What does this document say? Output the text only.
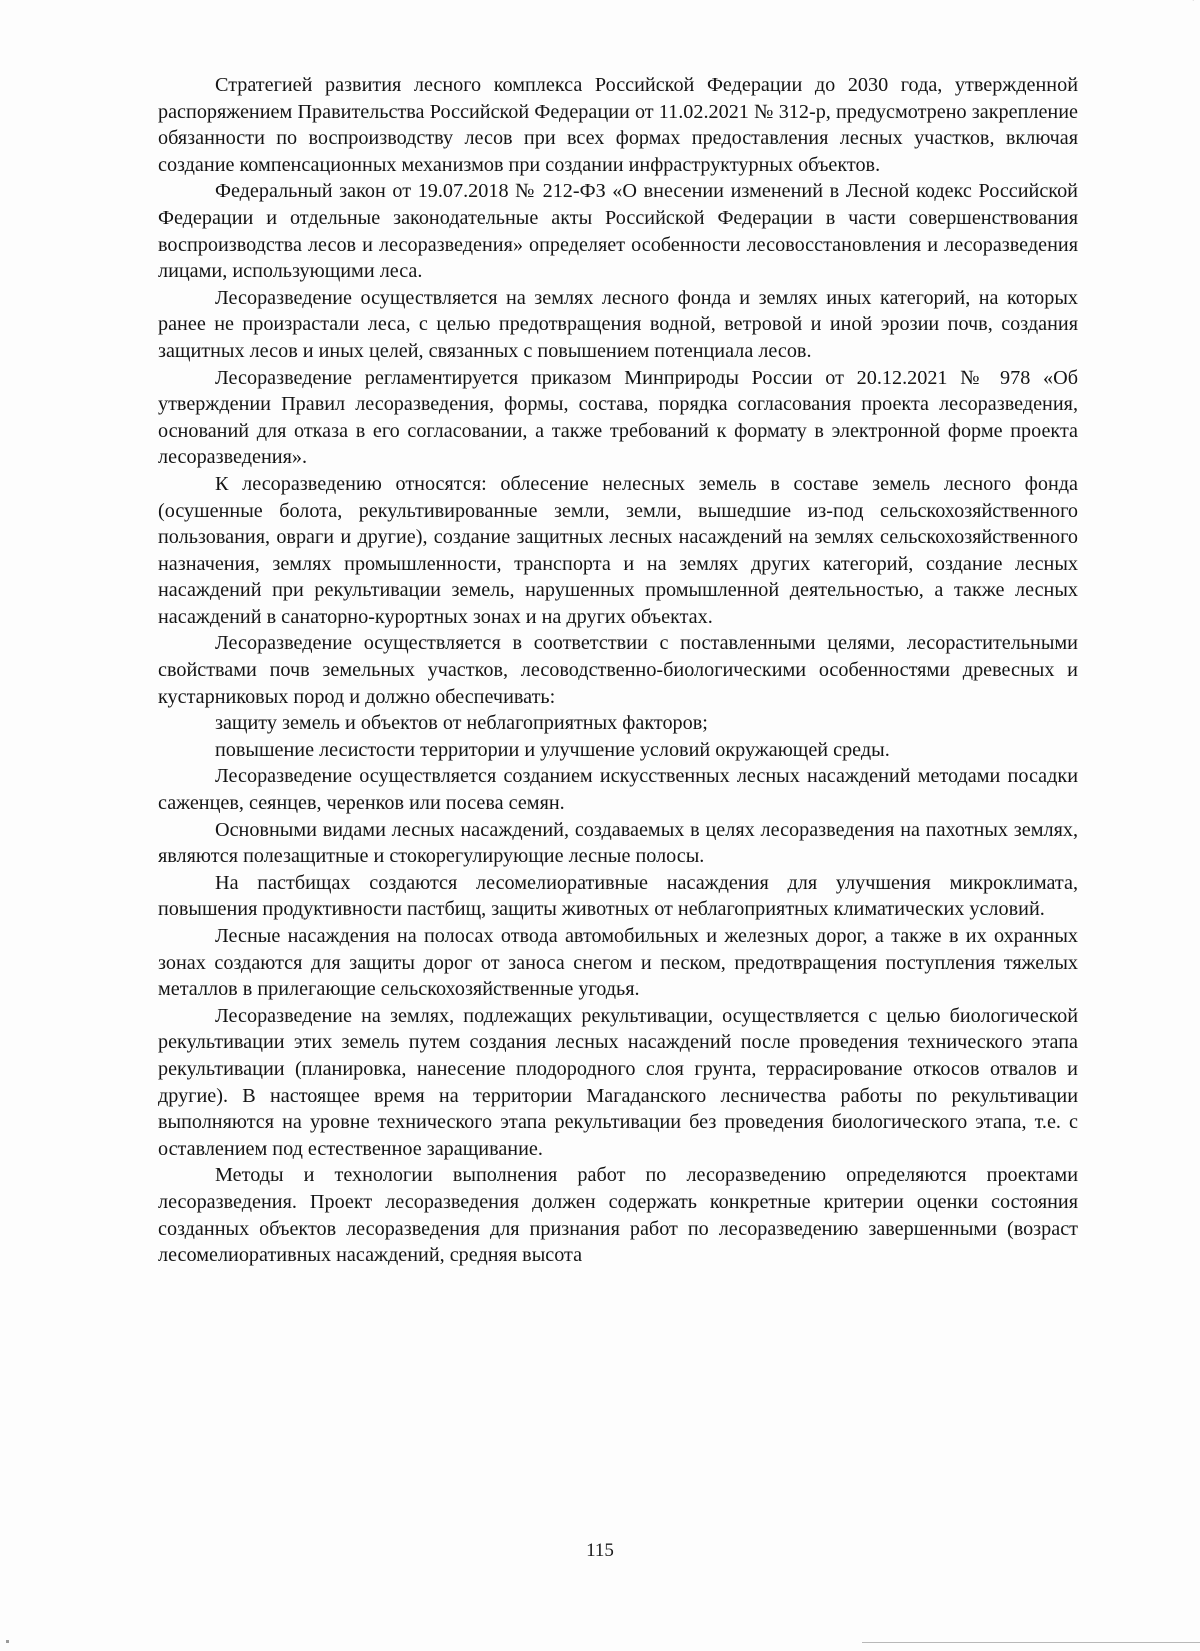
Стратегией развития лесного комплекса Российской Федерации до 2030 года, утвержденной распоряжением Правительства Российской Федерации от 11.02.2021 № 312-р, предусмотрено закрепление обязанности по воспроизводству лесов при всех формах предоставления лесных участков, включая создание компенсационных механизмов при создании инфраструктурных объектов.

Федеральный закон от 19.07.2018 № 212-ФЗ «О внесении изменений в Лесной кодекс Российской Федерации и отдельные законодательные акты Российской Федерации в части совершенствования воспроизводства лесов и лесоразведения» определяет особенности лесовосстановления и лесоразведения лицами, использующими леса.

Лесоразведение осуществляется на землях лесного фонда и землях иных категорий, на которых ранее не произрастали леса, с целью предотвращения водной, ветровой и иной эрозии почв, создания защитных лесов и иных целей, связанных с повышением потенциала лесов.

Лесоразведение регламентируется приказом Минприроды России от 20.12.2021 № 978 «Об утверждении Правил лесоразведения, формы, состава, порядка согласования проекта лесоразведения, оснований для отказа в его согласовании, а также требований к формату в электронной форме проекта лесоразведения».

К лесоразведению относятся: облесение нелесных земель в составе земель лесного фонда (осушенные болота, рекультивированные земли, земли, вышедшие из-под сельскохозяйственного пользования, овраги и другие), создание защитных лесных насаждений на землях сельскохозяйственного назначения, землях промышленности, транспорта и на землях других категорий, создание лесных насаждений при рекультивации земель, нарушенных промышленной деятельностью, а также лесных насаждений в санаторно-курортных зонах и на других объектах.

Лесоразведение осуществляется в соответствии с поставленными целями, лесорастительными свойствами почв земельных участков, лесоводственно-биологическими особенностями древесных и кустарниковых пород и должно обеспечивать:

защиту земель и объектов от неблагоприятных факторов;

повышение лесистости территории и улучшение условий окружающей среды.

Лесоразведение осуществляется созданием искусственных лесных насаждений методами посадки саженцев, сеянцев, черенков или посева семян.

Основными видами лесных насаждений, создаваемых в целях лесоразведения на пахотных землях, являются полезащитные и стокорегулирующие лесные полосы.

На пастбищах создаются лесомелиоративные насаждения для улучшения микроклимата, повышения продуктивности пастбищ, защиты животных от неблагоприятных климатических условий.

Лесные насаждения на полосах отвода автомобильных и железных дорог, а также в их охранных зонах создаются для защиты дорог от заноса снегом и песком, предотвращения поступления тяжелых металлов в прилегающие сельскохозяйственные угодья.

Лесоразведение на землях, подлежащих рекультивации, осуществляется с целью биологической рекультивации этих земель путем создания лесных насаждений после проведения технического этапа рекультивации (планировка, нанесение плодородного слоя грунта, террасирование откосов отвалов и другие). В настоящее время на территории Магаданского лесничества работы по рекультивации выполняются на уровне технического этапа рекультивации без проведения биологического этапа, т.е. с оставлением под естественное заращивание.

Методы и технологии выполнения работ по лесоразведению определяются проектами лесоразведения. Проект лесоразведения должен содержать конкретные критерии оценки состояния созданных объектов лесоразведения для признания работ по лесоразведению завершенными (возраст лесомелиоративных насаждений, средняя высота

115
